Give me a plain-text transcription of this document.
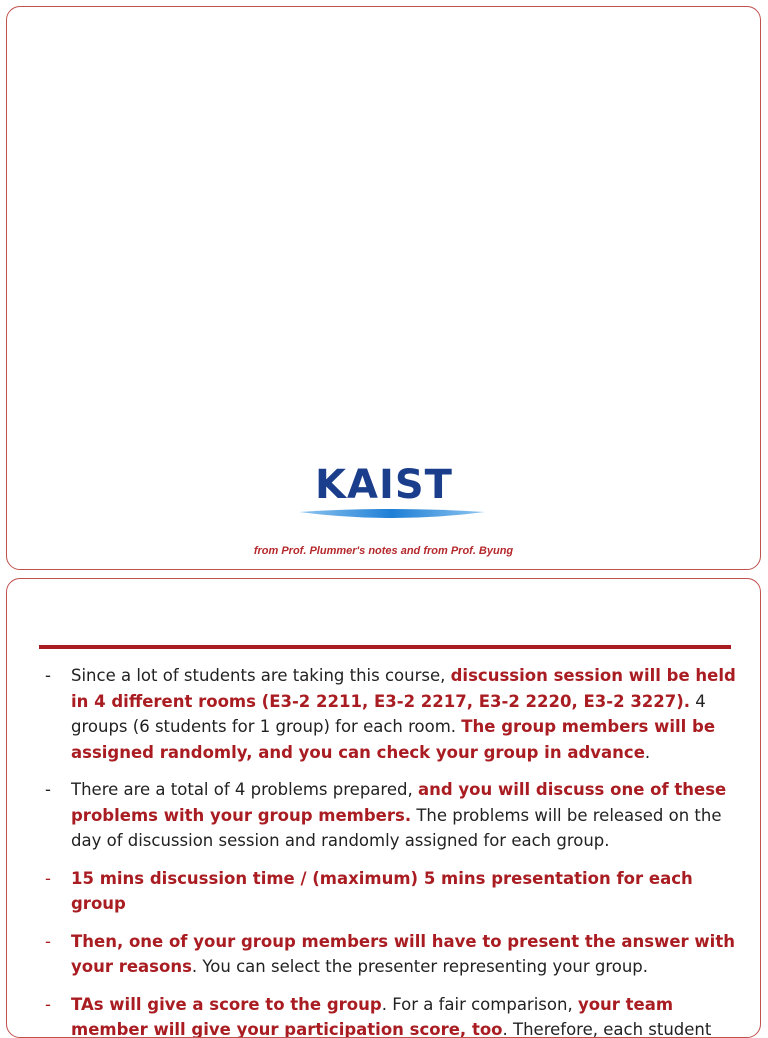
KAIST
from Prof. Plummer's notes and from Prof. Byung
- Since a lot of students are taking this course, discussion session will be held in 4 different rooms (E3-2 2211, E3-2 2217, E3-2 2220, E3-2 3227). 4 groups (6 students for 1 group) for each room. The group members will be assigned randomly, and you can check your group in advance.
- There are a total of 4 problems prepared, and you will discuss one of these problems with your group members. The problems will be released on the day of discussion session and randomly assigned for each group.
- 15 mins discussion time / (maximum) 5 mins presentation for each group
- Then, one of your group members will have to present the answer with your reasons. You can select the presenter representing your group.
- TAs will give a score to the group. For a fair comparison, your team member will give your participation score, too. Therefore, each student
